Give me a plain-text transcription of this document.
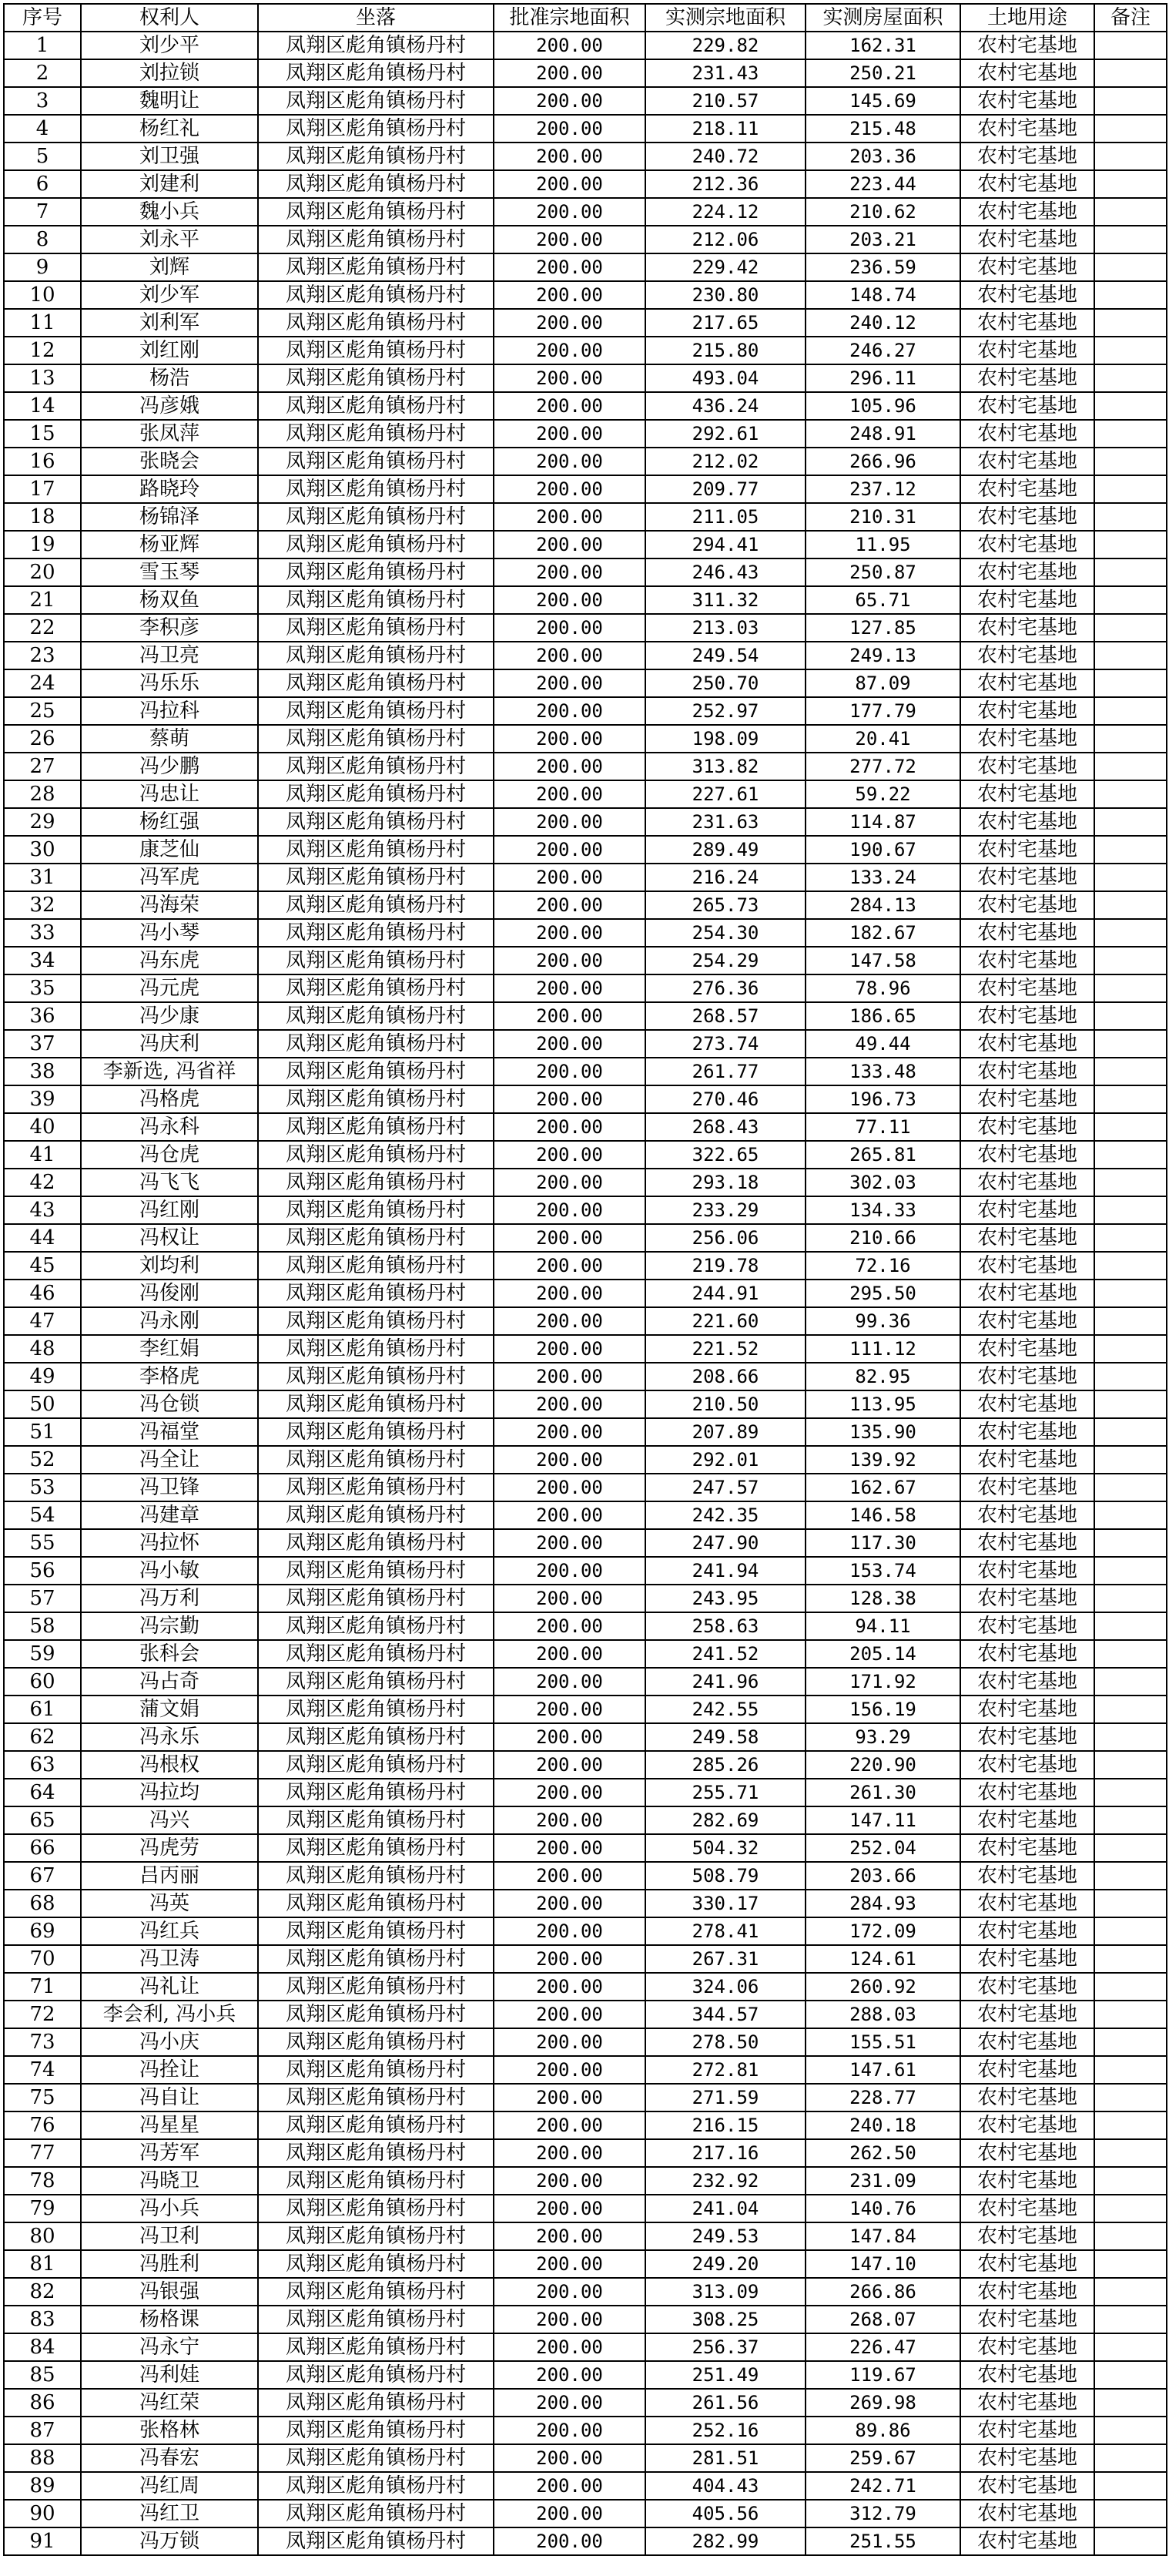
序号	权利人	坐落	批准宗地面积	实测宗地面积	实测房屋面积	土地用途	备注
1	刘少平	凤翔区彪角镇杨丹村	200.00	229.82	162.31	农村宅基地	
2	刘拉锁	凤翔区彪角镇杨丹村	200.00	231.43	250.21	农村宅基地	
3	魏明让	凤翔区彪角镇杨丹村	200.00	210.57	145.69	农村宅基地	
4	杨红礼	凤翔区彪角镇杨丹村	200.00	218.11	215.48	农村宅基地	
5	刘卫强	凤翔区彪角镇杨丹村	200.00	240.72	203.36	农村宅基地	
6	刘建利	凤翔区彪角镇杨丹村	200.00	212.36	223.44	农村宅基地	
7	魏小兵	凤翔区彪角镇杨丹村	200.00	224.12	210.62	农村宅基地	
8	刘永平	凤翔区彪角镇杨丹村	200.00	212.06	203.21	农村宅基地	
9	刘辉	凤翔区彪角镇杨丹村	200.00	229.42	236.59	农村宅基地	
10	刘少军	凤翔区彪角镇杨丹村	200.00	230.80	148.74	农村宅基地	
11	刘利军	凤翔区彪角镇杨丹村	200.00	217.65	240.12	农村宅基地	
12	刘红刚	凤翔区彪角镇杨丹村	200.00	215.80	246.27	农村宅基地	
13	杨浩	凤翔区彪角镇杨丹村	200.00	493.04	296.11	农村宅基地	
14	冯彦娥	凤翔区彪角镇杨丹村	200.00	436.24	105.96	农村宅基地	
15	张凤萍	凤翔区彪角镇杨丹村	200.00	292.61	248.91	农村宅基地	
16	张晓会	凤翔区彪角镇杨丹村	200.00	212.02	266.96	农村宅基地	
17	路晓玲	凤翔区彪角镇杨丹村	200.00	209.77	237.12	农村宅基地	
18	杨锦泽	凤翔区彪角镇杨丹村	200.00	211.05	210.31	农村宅基地	
19	杨亚辉	凤翔区彪角镇杨丹村	200.00	294.41	11.95	农村宅基地	
20	雪玉琴	凤翔区彪角镇杨丹村	200.00	246.43	250.87	农村宅基地	
21	杨双鱼	凤翔区彪角镇杨丹村	200.00	311.32	65.71	农村宅基地	
22	李积彦	凤翔区彪角镇杨丹村	200.00	213.03	127.85	农村宅基地	
23	冯卫亮	凤翔区彪角镇杨丹村	200.00	249.54	249.13	农村宅基地	
24	冯乐乐	凤翔区彪角镇杨丹村	200.00	250.70	87.09	农村宅基地	
25	冯拉科	凤翔区彪角镇杨丹村	200.00	252.97	177.79	农村宅基地	
26	蔡萌	凤翔区彪角镇杨丹村	200.00	198.09	20.41	农村宅基地	
27	冯少鹏	凤翔区彪角镇杨丹村	200.00	313.82	277.72	农村宅基地	
28	冯忠让	凤翔区彪角镇杨丹村	200.00	227.61	59.22	农村宅基地	
29	杨红强	凤翔区彪角镇杨丹村	200.00	231.63	114.87	农村宅基地	
30	康芝仙	凤翔区彪角镇杨丹村	200.00	289.49	190.67	农村宅基地	
31	冯军虎	凤翔区彪角镇杨丹村	200.00	216.24	133.24	农村宅基地	
32	冯海荣	凤翔区彪角镇杨丹村	200.00	265.73	284.13	农村宅基地	
33	冯小琴	凤翔区彪角镇杨丹村	200.00	254.30	182.67	农村宅基地	
34	冯东虎	凤翔区彪角镇杨丹村	200.00	254.29	147.58	农村宅基地	
35	冯元虎	凤翔区彪角镇杨丹村	200.00	276.36	78.96	农村宅基地	
36	冯少康	凤翔区彪角镇杨丹村	200.00	268.57	186.65	农村宅基地	
37	冯庆利	凤翔区彪角镇杨丹村	200.00	273.74	49.44	农村宅基地	
38	李新选, 冯省祥	凤翔区彪角镇杨丹村	200.00	261.77	133.48	农村宅基地	
39	冯格虎	凤翔区彪角镇杨丹村	200.00	270.46	196.73	农村宅基地	
40	冯永科	凤翔区彪角镇杨丹村	200.00	268.43	77.11	农村宅基地	
41	冯仓虎	凤翔区彪角镇杨丹村	200.00	322.65	265.81	农村宅基地	
42	冯飞飞	凤翔区彪角镇杨丹村	200.00	293.18	302.03	农村宅基地	
43	冯红刚	凤翔区彪角镇杨丹村	200.00	233.29	134.33	农村宅基地	
44	冯权让	凤翔区彪角镇杨丹村	200.00	256.06	210.66	农村宅基地	
45	刘均利	凤翔区彪角镇杨丹村	200.00	219.78	72.16	农村宅基地	
46	冯俊刚	凤翔区彪角镇杨丹村	200.00	244.91	295.50	农村宅基地	
47	冯永刚	凤翔区彪角镇杨丹村	200.00	221.60	99.36	农村宅基地	
48	李红娟	凤翔区彪角镇杨丹村	200.00	221.52	111.12	农村宅基地	
49	李格虎	凤翔区彪角镇杨丹村	200.00	208.66	82.95	农村宅基地	
50	冯仓锁	凤翔区彪角镇杨丹村	200.00	210.50	113.95	农村宅基地	
51	冯福堂	凤翔区彪角镇杨丹村	200.00	207.89	135.90	农村宅基地	
52	冯全让	凤翔区彪角镇杨丹村	200.00	292.01	139.92	农村宅基地	
53	冯卫锋	凤翔区彪角镇杨丹村	200.00	247.57	162.67	农村宅基地	
54	冯建章	凤翔区彪角镇杨丹村	200.00	242.35	146.58	农村宅基地	
55	冯拉怀	凤翔区彪角镇杨丹村	200.00	247.90	117.30	农村宅基地	
56	冯小敏	凤翔区彪角镇杨丹村	200.00	241.94	153.74	农村宅基地	
57	冯万利	凤翔区彪角镇杨丹村	200.00	243.95	128.38	农村宅基地	
58	冯宗勤	凤翔区彪角镇杨丹村	200.00	258.63	94.11	农村宅基地	
59	张科会	凤翔区彪角镇杨丹村	200.00	241.52	205.14	农村宅基地	
60	冯占奇	凤翔区彪角镇杨丹村	200.00	241.96	171.92	农村宅基地	
61	蒲文娟	凤翔区彪角镇杨丹村	200.00	242.55	156.19	农村宅基地	
62	冯永乐	凤翔区彪角镇杨丹村	200.00	249.58	93.29	农村宅基地	
63	冯根权	凤翔区彪角镇杨丹村	200.00	285.26	220.90	农村宅基地	
64	冯拉均	凤翔区彪角镇杨丹村	200.00	255.71	261.30	农村宅基地	
65	冯兴	凤翔区彪角镇杨丹村	200.00	282.69	147.11	农村宅基地	
66	冯虎劳	凤翔区彪角镇杨丹村	200.00	504.32	252.04	农村宅基地	
67	吕丙丽	凤翔区彪角镇杨丹村	200.00	508.79	203.66	农村宅基地	
68	冯英	凤翔区彪角镇杨丹村	200.00	330.17	284.93	农村宅基地	
69	冯红兵	凤翔区彪角镇杨丹村	200.00	278.41	172.09	农村宅基地	
70	冯卫涛	凤翔区彪角镇杨丹村	200.00	267.31	124.61	农村宅基地	
71	冯礼让	凤翔区彪角镇杨丹村	200.00	324.06	260.92	农村宅基地	
72	李会利, 冯小兵	凤翔区彪角镇杨丹村	200.00	344.57	288.03	农村宅基地	
73	冯小庆	凤翔区彪角镇杨丹村	200.00	278.50	155.51	农村宅基地	
74	冯拴让	凤翔区彪角镇杨丹村	200.00	272.81	147.61	农村宅基地	
75	冯自让	凤翔区彪角镇杨丹村	200.00	271.59	228.77	农村宅基地	
76	冯星星	凤翔区彪角镇杨丹村	200.00	216.15	240.18	农村宅基地	
77	冯芳军	凤翔区彪角镇杨丹村	200.00	217.16	262.50	农村宅基地	
78	冯晓卫	凤翔区彪角镇杨丹村	200.00	232.92	231.09	农村宅基地	
79	冯小兵	凤翔区彪角镇杨丹村	200.00	241.04	140.76	农村宅基地	
80	冯卫利	凤翔区彪角镇杨丹村	200.00	249.53	147.84	农村宅基地	
81	冯胜利	凤翔区彪角镇杨丹村	200.00	249.20	147.10	农村宅基地	
82	冯银强	凤翔区彪角镇杨丹村	200.00	313.09	266.86	农村宅基地	
83	杨格课	凤翔区彪角镇杨丹村	200.00	308.25	268.07	农村宅基地	
84	冯永宁	凤翔区彪角镇杨丹村	200.00	256.37	226.47	农村宅基地	
85	冯利娃	凤翔区彪角镇杨丹村	200.00	251.49	119.67	农村宅基地	
86	冯红荣	凤翔区彪角镇杨丹村	200.00	261.56	269.98	农村宅基地	
87	张格林	凤翔区彪角镇杨丹村	200.00	252.16	89.86	农村宅基地	
88	冯春宏	凤翔区彪角镇杨丹村	200.00	281.51	259.67	农村宅基地	
89	冯红周	凤翔区彪角镇杨丹村	200.00	404.43	242.71	农村宅基地	
90	冯红卫	凤翔区彪角镇杨丹村	200.00	405.56	312.79	农村宅基地	
91	冯万锁	凤翔区彪角镇杨丹村	200.00	282.99	251.55	农村宅基地	
